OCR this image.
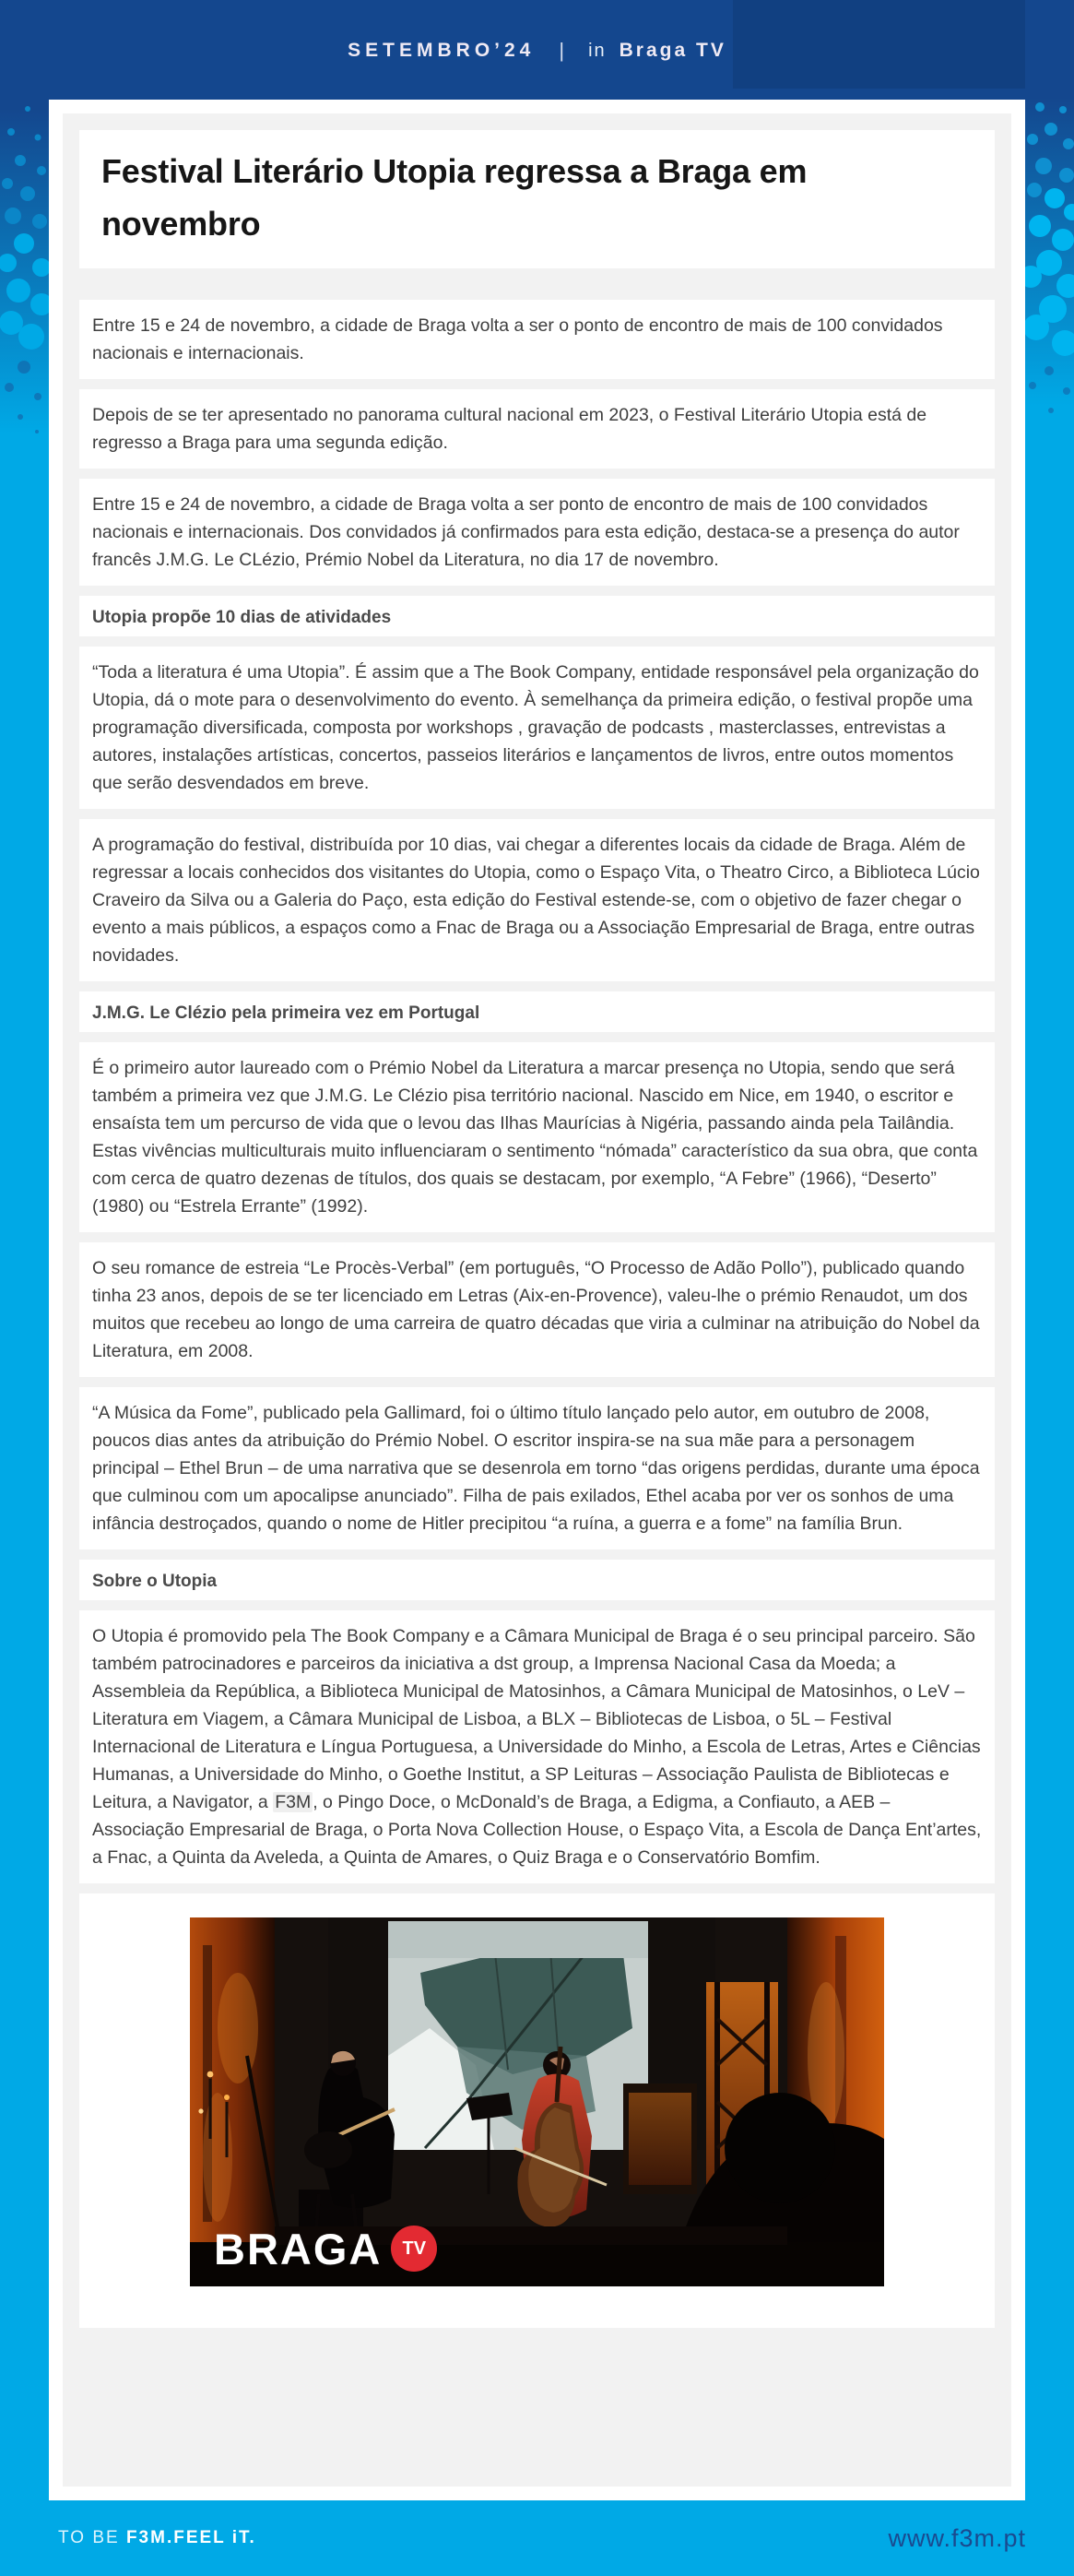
SETEMBRO’24 | in Braga TV
Festival Literário Utopia regressa a Braga em novembro

Entre 15 e 24 de novembro, a cidade de Braga volta a ser o ponto de encontro de mais de 100 convidados nacionais e internacionais.

Depois de se ter apresentado no panorama cultural nacional em 2023, o Festival Literário Utopia está de regresso a Braga para uma segunda edição.

Entre 15 e 24 de novembro, a cidade de Braga volta a ser ponto de encontro de mais de 100 convidados nacionais e internacionais. Dos convidados já confirmados para esta edição, destaca-se a presença do autor francês J.M.G. Le CLézio, Prémio Nobel da Literatura, no dia 17 de novembro.

Utopia propõe 10 dias de atividades

“Toda a literatura é uma Utopia”. É assim que a The Book Company, entidade responsável pela organização do Utopia, dá o mote para o desenvolvimento do evento. À semelhança da primeira edição, o festival propõe uma programação diversificada, composta por workshops , gravação de podcasts , masterclasses, entrevistas a autores, instalações artísticas, concertos, passeios literários e lançamentos de livros, entre outos momentos que serão desvendados em breve.

A programação do festival, distribuída por 10 dias, vai chegar a diferentes locais da cidade de Braga. Além de regressar a locais conhecidos dos visitantes do Utopia, como o Espaço Vita, o Theatro Circo, a Biblioteca Lúcio Craveiro da Silva ou a Galeria do Paço, esta edição do Festival estende-se, com o objetivo de fazer chegar o evento a mais públicos, a espaços como a Fnac de Braga ou a Associação Empresarial de Braga, entre outras novidades.

J.M.G. Le Clézio pela primeira vez em Portugal

É o primeiro autor laureado com o Prémio Nobel da Literatura a marcar presença no Utopia, sendo que será também a primeira vez que J.M.G. Le Clézio pisa território nacional. Nascido em Nice, em 1940, o escritor e ensaísta tem um percurso de vida que o levou das Ilhas Maurícias à Nigéria, passando ainda pela Tailândia. Estas vivências multiculturais muito influenciaram o sentimento “nómada” característico da sua obra, que conta com cerca de quatro dezenas de títulos, dos quais se destacam, por exemplo, “A Febre” (1966), “Deserto” (1980) ou “Estrela Errante” (1992).

O seu romance de estreia “Le Procès-Verbal” (em português, “O Processo de Adão Pollo”), publicado quando tinha 23 anos, depois de se ter licenciado em Letras (Aix-en-Provence), valeu-lhe o prémio Renaudot, um dos muitos que recebeu ao longo de uma carreira de quatro décadas que viria a culminar na atribuição do Nobel da Literatura, em 2008.

“A Música da Fome”, publicado pela Gallimard, foi o último título lançado pelo autor, em outubro de 2008, poucos dias antes da atribuição do Prémio Nobel. O escritor inspira-se na sua mãe para a personagem principal – Ethel Brun – de uma narrativa que se desenrola em torno “das origens perdidas, durante uma época que culminou com um apocalipse anunciado”. Filha de pais exilados, Ethel acaba por ver os sonhos de uma infância destroçados, quando o nome de Hitler precipitou “a ruína, a guerra e a fome” na família Brun.

Sobre o Utopia

O Utopia é promovido pela The Book Company e a Câmara Municipal de Braga é o seu principal parceiro. São também patrocinadores e parceiros da iniciativa a dst group, a Imprensa Nacional Casa da Moeda; a Assembleia da República, a Biblioteca Municipal de Matosinhos, a Câmara Municipal de Matosinhos, o LeV – Literatura em Viagem, a Câmara Municipal de Lisboa, a BLX – Bibliotecas de Lisboa, o 5L – Festival Internacional de Literatura e Língua Portuguesa, a Universidade do Minho, a Escola de Letras, Artes e Ciências Humanas, a Universidade do Minho, o Goethe Institut, a SP Leituras – Associação Paulista de Bibliotecas e Leitura, a Navigator, a F3M , o Pingo Doce, o McDonald’s de Braga, a Edigma, a Confiauto, a AEB – Associação Empresarial de Braga, o Porta Nova Collection House, o Espaço Vita, a Escola de Dança Ent’artes, a Fnac, a Quinta da Aveleda, a Quinta de Amares, o Quiz Braga e o Conservatório Bomfim.

BRAGA	TV
TO BE F3M.FEEL iT.	www.f3m.pt
